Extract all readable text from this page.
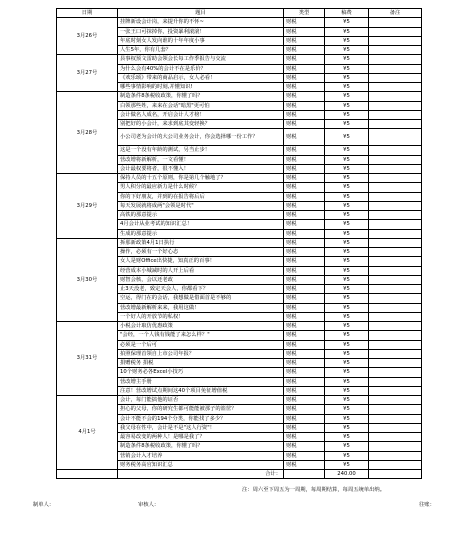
日期	题目	类型	稿费	备注
3月26号	挂牌新设会计岗，来提升你的不怀~	财税	¥5	
	一张王口可抹掉你，投资暴利滚滚！	财税	¥5	
	年底时刻女人发向谁的十年年度小事	财税	¥5	
	人生5年，你有几套？	财税	¥5	
3月27号	县事权预文雷助会领会长每工作季报告与交流	财税	¥5	
	为什么会有40%的会计不在是乐价？	财税	¥5	
	《欢乐颂》带来的商品启示，女人必看！	财税	¥5	
	哪些事情影响的时刻,并懂知识!	财税	¥5	
3月28号	制造条件8条税收政策，你懂了吗？	财税	¥5	
	白领那些姓，来来在会话"暗黑"更可怕	财税	¥5	
	会计做名人成名，开启会计人才榜！	财税	¥5	
	别把好的小会计，来求到底其变轻换？	财税	¥5	
	小公司老为会计的大公司业务会计，你会选择哪一份工作？	财税	¥5	
	这是一个没有年龄的测试，另当止步！	财税	¥5	
	营改增将新解析，一文看懂！	财税	¥5	
	会计最权要将者，很不懂入！	财税	¥5	
3月29号	保持人员的十五个原则，你是第几个触地了？	财税	¥5	
	男人积分的最应新力是什么时候？	财税	¥5	
	你的下好朋友，并到的在报告将后后	财税	¥5	
	每天发展就将成两"会领是时代"	财税	¥5	
	高铁的那意提示	财税	¥5	
	4月会计从业考试的知识汇总！	财税	¥5	
	生成的那意提示	财税	¥5	
3月30号	拆那新政策4月1日执行	财税	¥5	
	操作，必须有一个好心态	财税	¥5	
	女人是财Office出快捷，知真正的百事！	财税	¥5	
	经营成本小城减时的人开上后看	财税	¥5	
	财智会核，会以还老政	财税	¥5	
	止3天没老，致定天会人，你都看下？	财税	¥5	
	空运，得门在的会话，我想做是借面首是不够的	财税	¥5	
	营改增最新解析来来，我用这做！	财税	¥5	
	一个好人的开放节的私权！	财税	¥5	
3月31号	小税会计取仿优惠政策	财税	¥5	
	"会经，一个人钱有钱能了来怎么样？"	财税	¥5	
	必须是一个后可	财税	¥5	
	拍照保理首领自上市公司年报？	财税	¥5	
	捐赠税务 捐税	财税	¥5	
	10个财务必各Excel小技巧	财税	¥5	
	营改增主手册	财税	¥5	
	注意！营改增试点期间这40个项目免征增值税	财税	¥5	
4月1号	会计，每门能搞他的证否	财税	¥5	
	担心的父母，你的研究生都可能能被那子的篮筐？	财税	¥5	
	会计不能不会的194个分类，你能找了多少？	财税	¥5	
	我父母在性中，会计是不是"这人行资"！	财税	¥5	
	最容易改变的两种人！是哪是我了？	财税	¥5	
	制造条件8条税收政策，你懂了吗？	财税	¥5	
	营销会计入才培养	财税	¥5	
	财务税务高官知识汇总	财税	¥5	
	合计：		240.00	
注：周六至下周五为一周期，每周期结算，每周五统单出纳。
制单人：	审核人：	往账：
